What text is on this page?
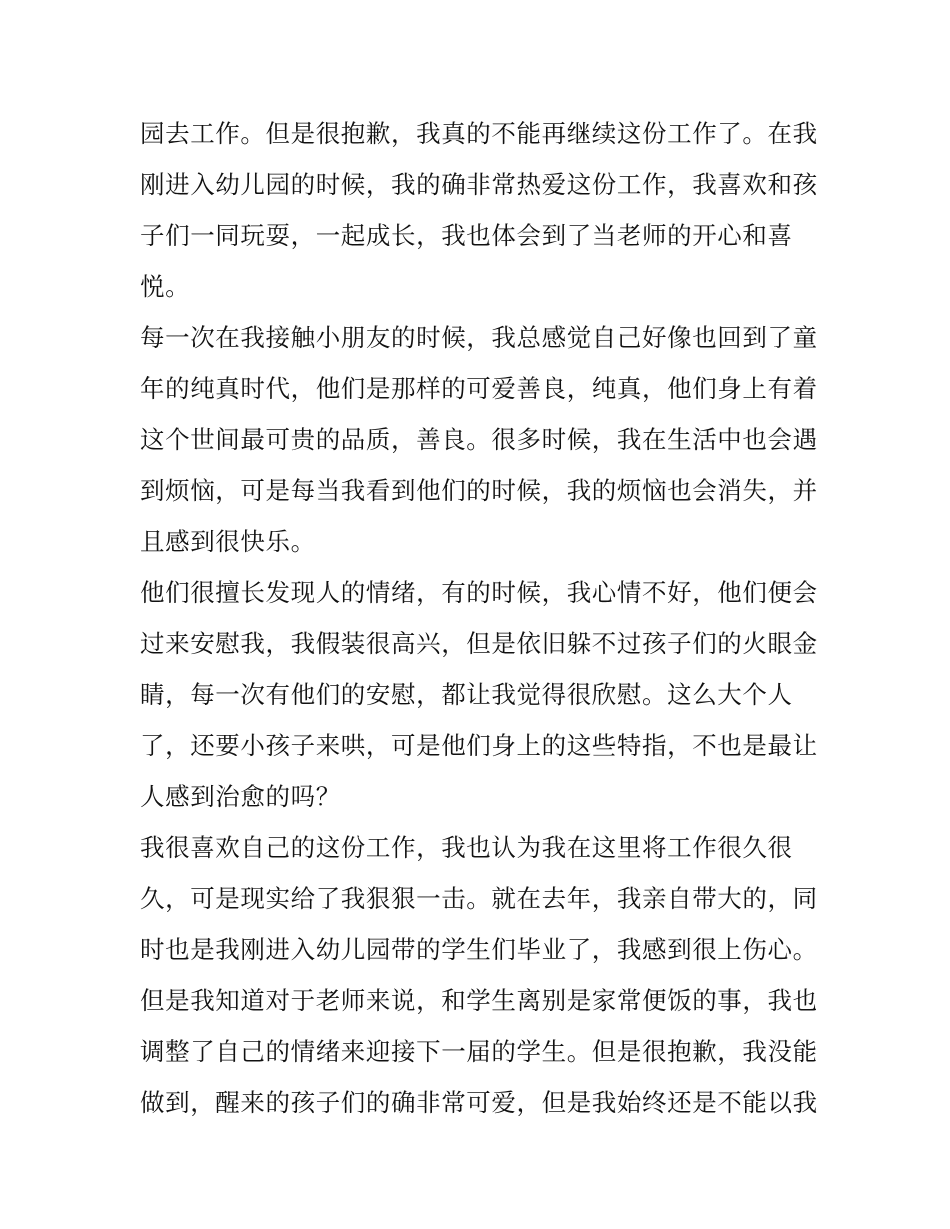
园去工作。但是很抱歉，我真的不能再继续这份工作了。在我
刚进入幼儿园的时候，我的确非常热爱这份工作，我喜欢和孩
子们一同玩耍，一起成长，我也体会到了当老师的开心和喜
悦。
每一次在我接触小朋友的时候，我总感觉自己好像也回到了童
年的纯真时代，他们是那样的可爱善良，纯真，他们身上有着
这个世间最可贵的品质，善良。很多时候，我在生活中也会遇
到烦恼，可是每当我看到他们的时候，我的烦恼也会消失，并
且感到很快乐。
他们很擅长发现人的情绪，有的时候，我心情不好，他们便会
过来安慰我，我假装很高兴，但是依旧躲不过孩子们的火眼金
睛，每一次有他们的安慰，都让我觉得很欣慰。这么大个人
了，还要小孩子来哄，可是他们身上的这些特指，不也是最让
人感到治愈的吗？
我很喜欢自己的这份工作，我也认为我在这里将工作很久很
久，可是现实给了我狠狠一击。就在去年，我亲自带大的，同
时也是我刚进入幼儿园带的学生们毕业了，我感到很上伤心。
但是我知道对于老师来说，和学生离别是家常便饭的事，我也
调整了自己的情绪来迎接下一届的学生。但是很抱歉，我没能
做到，醒来的孩子们的确非常可爱，但是我始终还是不能以我
